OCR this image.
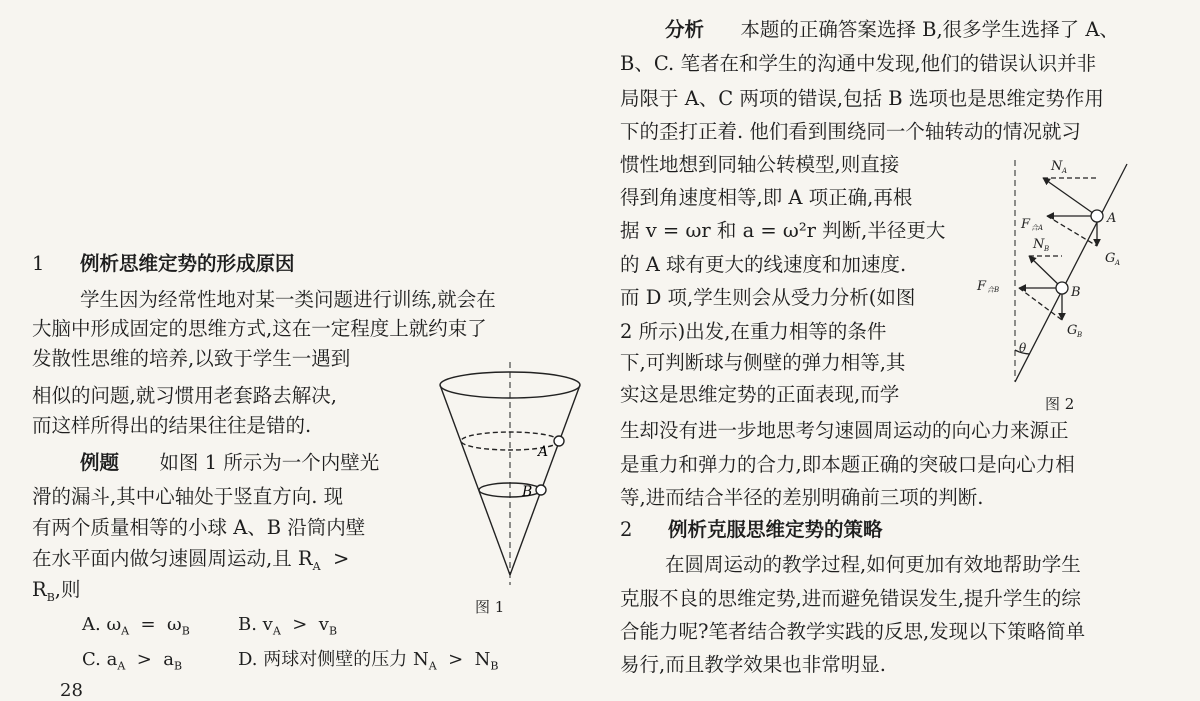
1 例析思维定势的形成原因
学生因为经常性地对某一类问题进行训练,就会在
大脑中形成固定的思维方式,这在一定程度上就约束了
发散性思维的培养,以致于学生一遇到
相似的问题,就习惯用老套路去解决,
而这样所得出的结果往往是错的.
例题 如图 1 所示为一个内壁光
滑的漏斗,其中心轴处于竖直方向. 现
有两个质量相等的小球 A、B 沿筒内壁
在水平面内做匀速圆周运动,且 $R_A$  >
$R_B$,则
A. $\omega_A = \omega_B$	B. $v_A > v_B$
C. $a_A > a_B$	D. 两球对侧壁的压力 $N_A > N_B$
28
A
B
图 1
分析 本题的正确答案选择 B,很多学生选择了 A、
B、C. 笔者在和学生的沟通中发现,他们的错误认识并非
局限于 A、C 两项的错误,包括 B 选项也是思维定势作用
下的歪打正着. 他们看到围绕同一个轴转动的情况就习
惯性地想到同轴公转模型,则直接
得到角速度相等,即 A 项正确,再根
据 v = ωr 和 a = ω²r 判断,半径更大
的 A 球有更大的线速度和加速度.
而 D 项,学生则会从受力分析(如图
2 所示)出发,在重力相等的条件
下,可判断球与侧壁的弹力相等,其
实这是思维定势的正面表现,而学
生却没有进一步地思考匀速圆周运动的向心力来源正
是重力和弹力的合力,即本题正确的突破口是向心力相
等,进而结合半径的差别明确前三项的判断.
2 例析克服思维定势的策略
在圆周运动的教学过程,如何更加有效地帮助学生
克服不良的思维定势,进而避免错误发生,提升学生的综
合能力呢?笔者结合教学实践的反思,发现以下策略简单
易行,而且教学效果也非常明显.
N A
N B
F 合A
F 合B
A
B
G A
G B
θ
图 2
